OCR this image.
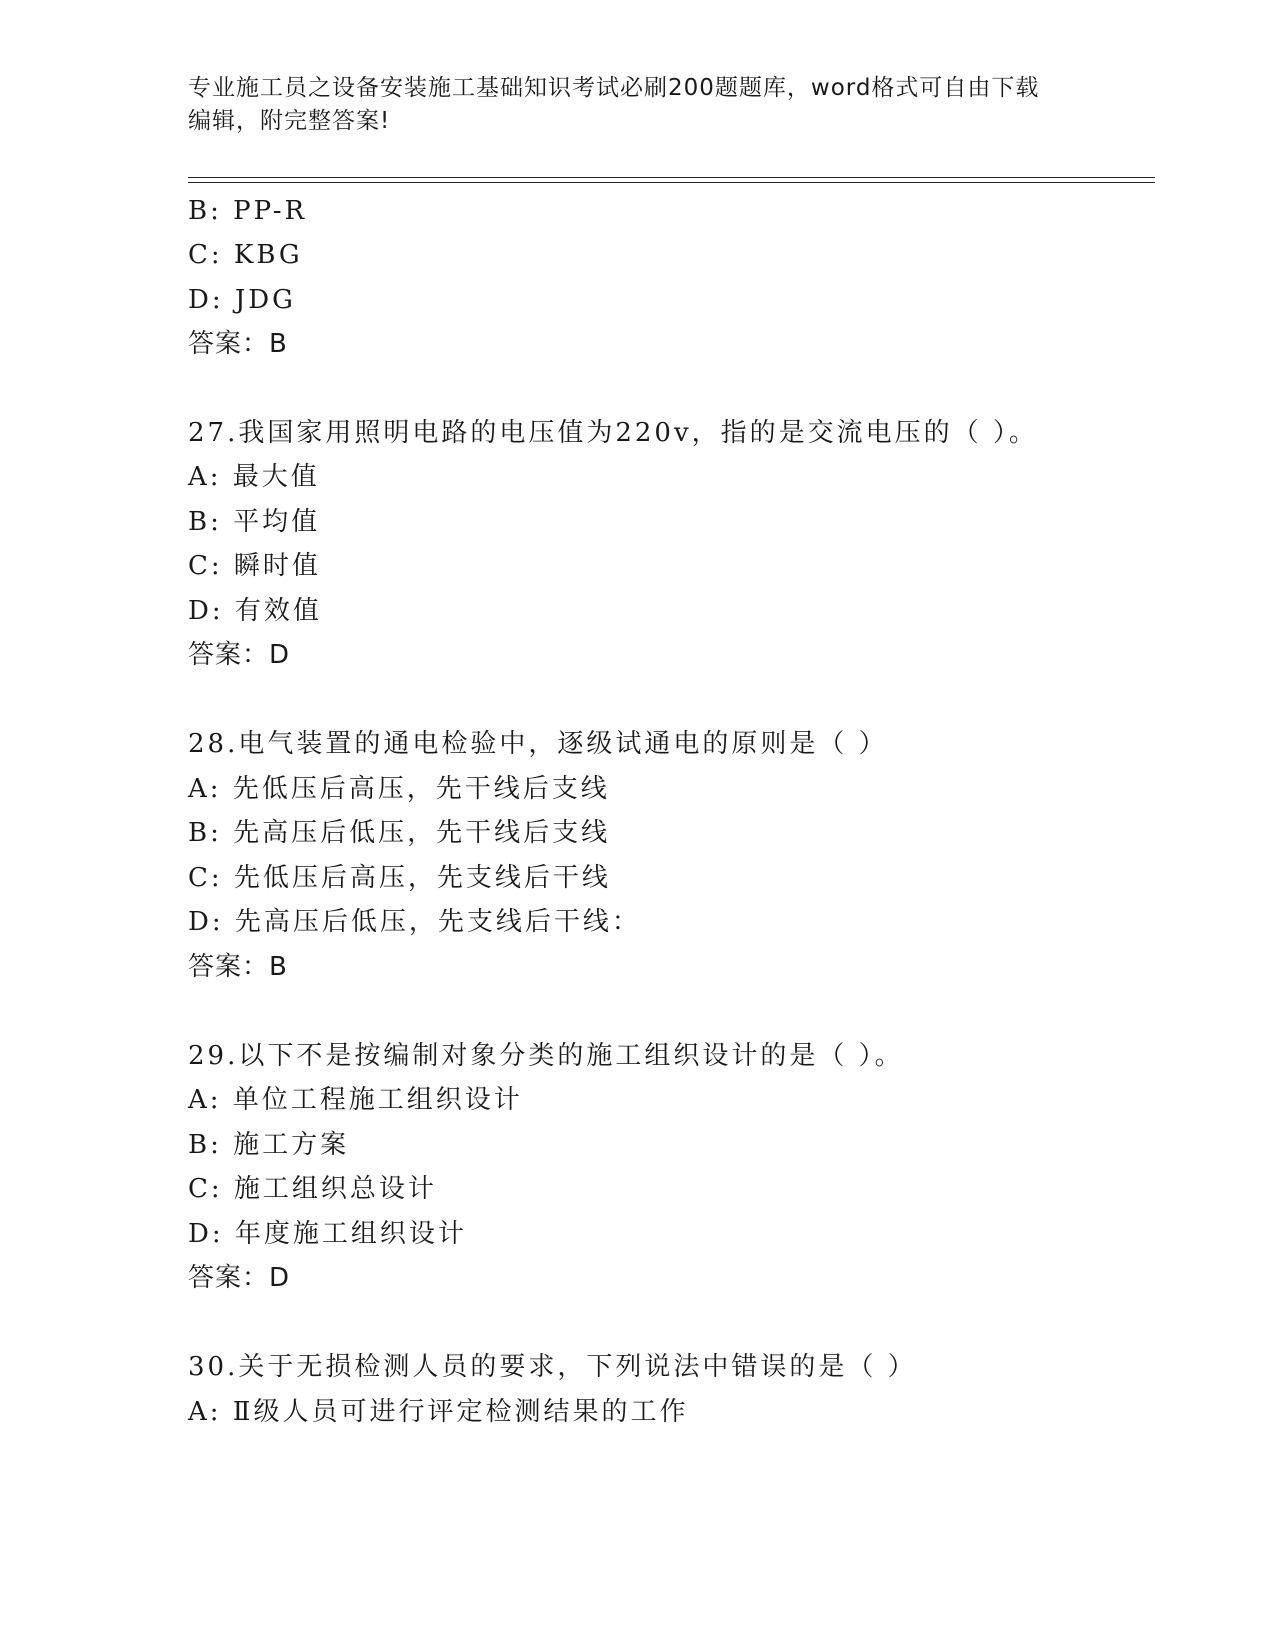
专业施工员之设备安装施工基础知识考试必刷200题题库，word格式可自由下载
编辑，附完整答案!
B: PP-R
C: KBG
D: JDG
答案：B
27.我国家用照明电路的电压值为220v，指的是交流电压的（ ）。
A: 最大值
B: 平均值
C: 瞬时值
D: 有效值
答案：D
28.电气装置的通电检验中，逐级试通电的原则是（ ）
A: 先低压后高压，先干线后支线
B: 先高压后低压，先干线后支线
C: 先低压后高压，先支线后干线
D: 先高压后低压，先支线后干线：
答案：B
29.以下不是按编制对象分类的施工组织设计的是（ ）。
A: 单位工程施工组织设计
B: 施工方案
C: 施工组织总设计
D: 年度施工组织设计
答案：D
30.关于无损检测人员的要求，下列说法中错误的是（ ）
A: Ⅱ级人员可进行评定检测结果的工作
